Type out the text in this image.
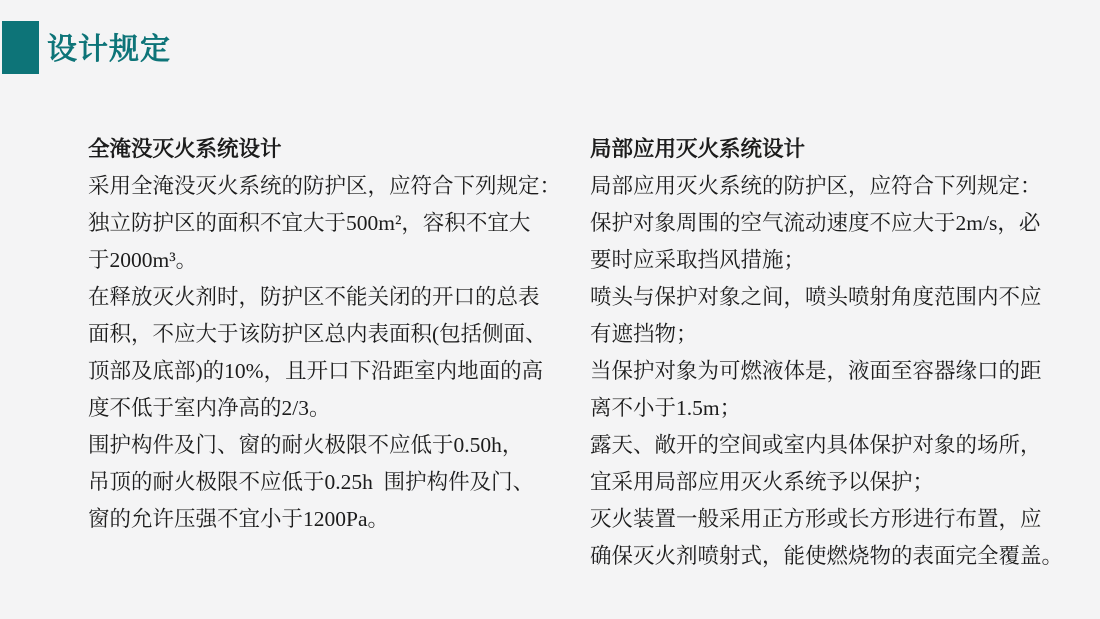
设计规定
全淹没灭火系统设计
采用全淹没灭火系统的防护区，应符合下列规定：
独立防护区的面积不宜大于500m²，容积不宜大
于2000m³。
在释放灭火剂时，防护区不能关闭的开口的总表
面积，不应大于该防护区总内表面积(包括侧面、
顶部及底部)的10%，且开口下沿距室内地面的高
度不低于室内净高的2/3。
围护构件及门、窗的耐火极限不应低于0.50h，
吊顶的耐火极限不应低于0.25h  围护构件及门、
窗的允许压强不宜小于1200Pa。
局部应用灭火系统设计
局部应用灭火系统的防护区，应符合下列规定：
保护对象周围的空气流动速度不应大于2m/s，必
要时应采取挡风措施；
喷头与保护对象之间，喷头喷射角度范围内不应
有遮挡物；
当保护对象为可燃液体是，液面至容器缘口的距
离不小于1.5m；
露天、敞开的空间或室内具体保护对象的场所，
宜采用局部应用灭火系统予以保护；
灭火装置一般采用正方形或长方形进行布置，应
确保灭火剂喷射式，能使燃烧物的表面完全覆盖。
